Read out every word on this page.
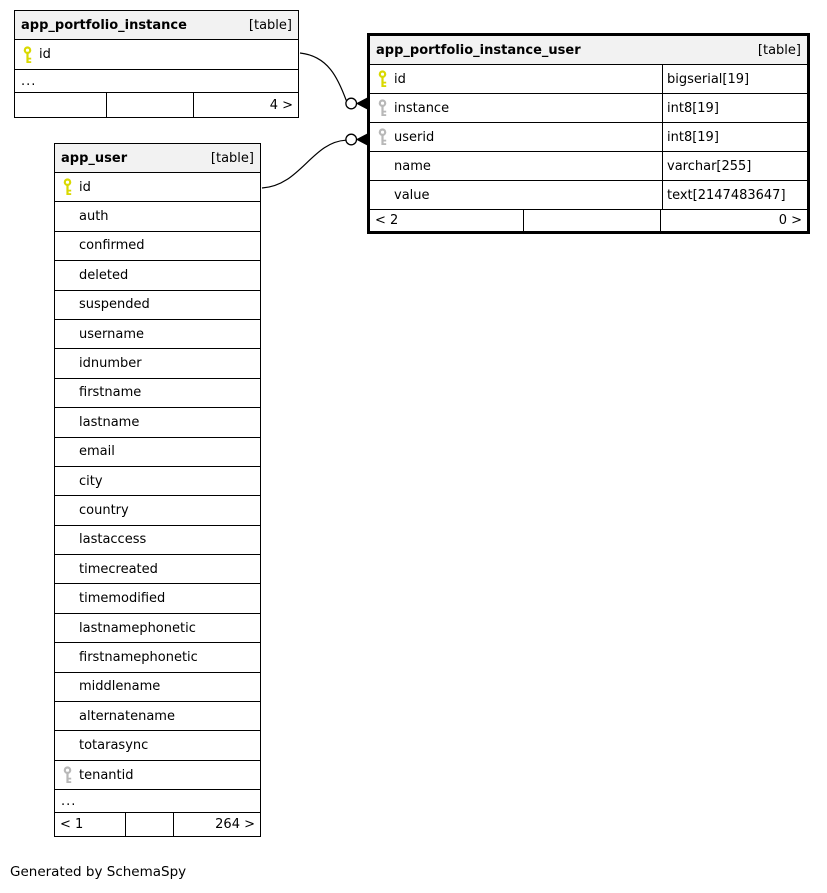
app_portfolio_instance	[table]
id
...
4 >
app_portfolio_instance_user	[table]
id	bigserial[19]
instance	int8[19]
userid	int8[19]
name	varchar[255]
value	text[2147483647]
< 2	0 >
app_user	[table]
id
auth
confirmed
deleted
suspended
username
idnumber
firstname
lastname
email
city
country
lastaccess
timecreated
timemodified
lastnamephonetic
firstnamephonetic
middlename
alternatename
totarasync
tenantid
...
< 1	264 >
Generated by SchemaSpy
